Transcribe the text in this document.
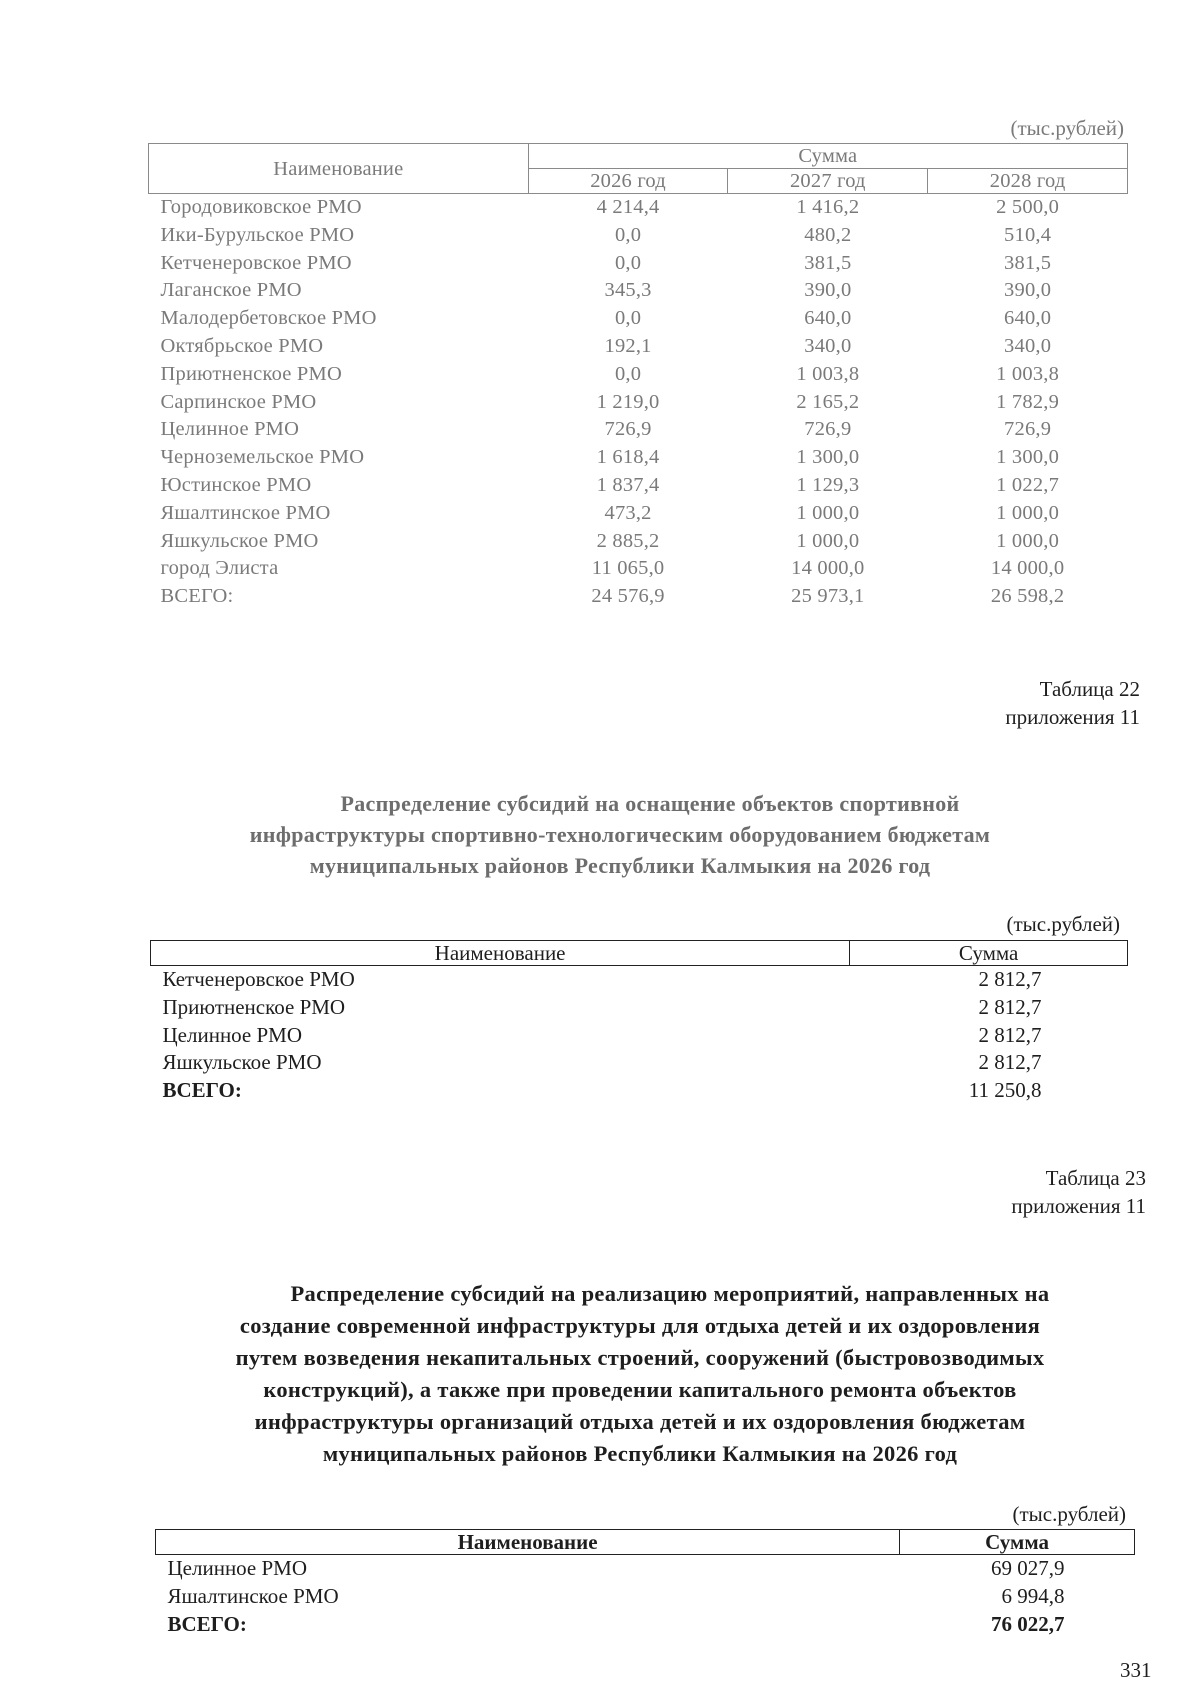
(тыс.рублей)
Наименование	Сумма		
	2026 год	2027 год	2028 год
Городовиковское РМО	4 214,4	1 416,2	2 500,0
Ики-Бурульское РМО	0,0	480,2	510,4
Кетченеровское РМО	0,0	381,5	381,5
Лаганское РМО	345,3	390,0	390,0
Малодербетовское РМО	0,0	640,0	640,0
Октябрьское РМО	192,1	340,0	340,0
Приютненское РМО	0,0	1 003,8	1 003,8
Сарпинское РМО	1 219,0	2 165,2	1 782,9
Целинное РМО	726,9	726,9	726,9
Черноземельское РМО	1 618,4	1 300,0	1 300,0
Юстинское РМО	1 837,4	1 129,3	1 022,7
Яшалтинское РМО	473,2	1 000,0	1 000,0
Яшкульское РМО	2 885,2	1 000,0	1 000,0
город Элиста	11 065,0	14 000,0	14 000,0
ВСЕГО:	24 576,9	25 973,1	26 598,2
Таблица 22
приложения 11
Распределение субсидий на оснащение объектов спортивной
инфраструктуры спортивно-технологическим оборудованием бюджетам
муниципальных районов Республики Калмыкия на 2026 год
(тыс.рублей)
Наименование	Сумма
Кетченеровское РМО	2 812,7
Приютненское РМО	2 812,7
Целинное РМО	2 812,7
Яшкульское РМО	2 812,7
ВСЕГО:	11 250,8
Таблица 23
приложения 11
Распределение субсидий на реализацию мероприятий, направленных на
создание современной инфраструктуры для отдыха детей и их оздоровления
путем возведения некапитальных строений, сооружений (быстровозводимых
конструкций), а также при проведении капитального ремонта объектов
инфраструктуры организаций отдыха детей и их оздоровления бюджетам
муниципальных районов Республики Калмыкия на 2026 год
(тыс.рублей)
Наименование	Сумма
Целинное РМО	69 027,9
Яшалтинское РМО	6 994,8
ВСЕГО:	76 022,7
331
